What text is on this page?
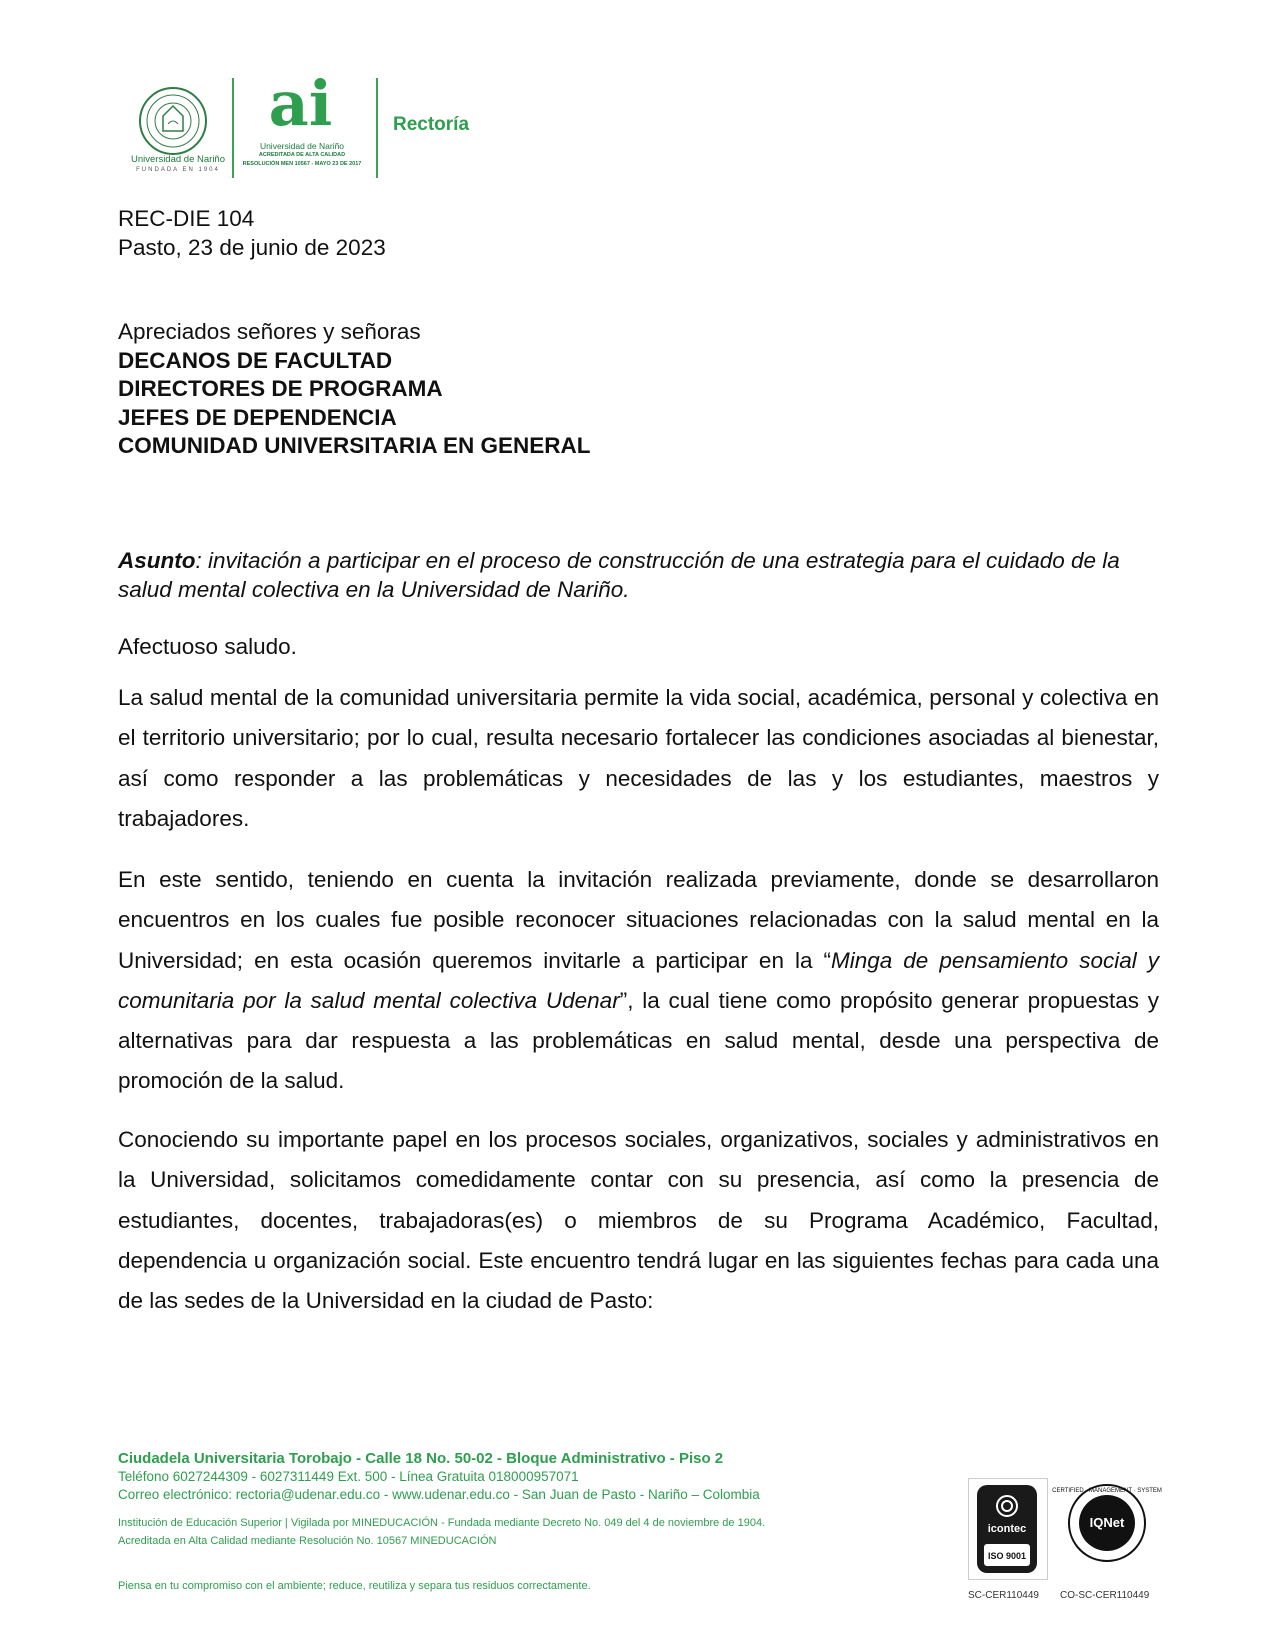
Universidad de Nariño
FUNDADA EN 1904
ai
Universidad de Nariño
ACREDITADA DE ALTA CALIDAD
RESOLUCIÓN MEN 10567 - MAYO 23 DE 2017
Rectoría
REC-DIE 104
Pasto, 23 de junio de 2023
Apreciados señores y señoras
DECANOS DE FACULTAD
DIRECTORES DE PROGRAMA
JEFES DE DEPENDENCIA
COMUNIDAD UNIVERSITARIA EN GENERAL
Asunto: invitación a participar en el proceso de construcción de una estrategia para el cuidado de la salud mental colectiva en la Universidad de Nariño.
Afectuoso saludo.
La salud mental de la comunidad universitaria permite la vida social, académica, personal y colectiva en el territorio universitario; por lo cual, resulta necesario fortalecer las condiciones asociadas al bienestar, así como responder a las problemáticas y necesidades de las y los estudiantes, maestros y trabajadores.
En este sentido, teniendo en cuenta la invitación realizada previamente, donde se desarrollaron encuentros en los cuales fue posible reconocer situaciones relacionadas con la salud mental en la Universidad; en esta ocasión queremos invitarle a participar en la “Minga de pensamiento social y comunitaria por la salud mental colectiva Udenar”, la cual tiene como propósito generar propuestas y alternativas para dar respuesta a las problemáticas en salud mental, desde una perspectiva de promoción de la salud.
Conociendo su importante papel en los procesos sociales, organizativos, sociales y administrativos en la Universidad, solicitamos comedidamente contar con su presencia, así como la presencia de estudiantes, docentes, trabajadoras(es) o miembros de su Programa Académico, Facultad, dependencia u organización social. Este encuentro tendrá lugar en las siguientes fechas para cada una de las sedes de la Universidad en la ciudad de Pasto:
Ciudadela Universitaria Torobajo - Calle 18 No. 50-02 - Bloque Administrativo - Piso 2
Teléfono 6027244309 - 6027311449 Ext. 500 - Línea Gratuita 018000957071
Correo electrónico: rectoria@udenar.edu.co - www.udenar.edu.co - San Juan de Pasto - Nariño – Colombia
Institución de Educación Superior | Vigilada por MINEDUCACIÓN - Fundada mediante Decreto No. 049 del 4 de noviembre de 1904.
Acreditada en Alta Calidad mediante Resolución No. 10567 MINEDUCACIÓN
Piensa en tu compromiso con el ambiente; reduce, reutiliza y separa tus residuos correctamente.
icontec
ISO 9001
SC-CER110449
CERTIFIED · MANAGEMENT · SYSTEM
IQNet
CO-SC-CER110449
